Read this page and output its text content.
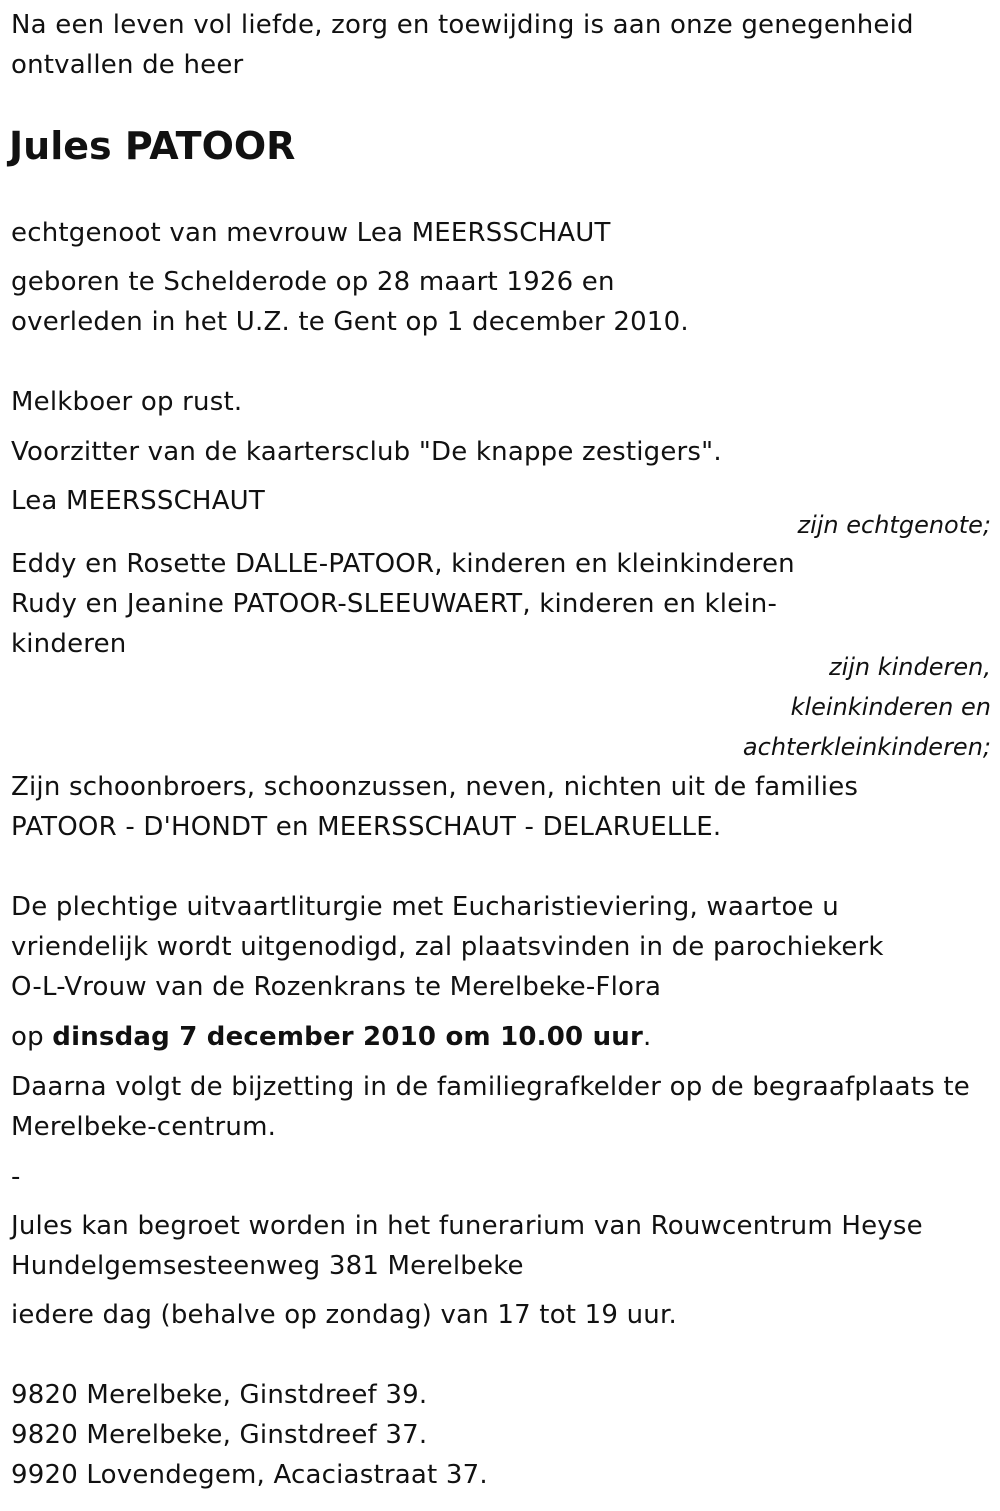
Na een leven vol liefde, zorg en toewijding is aan onze genegenheid
ontvallen de heer
Jules PATOOR
echtgenoot van mevrouw Lea MEERSSCHAUT
geboren te Schelderode op 28 maart 1926 en
overleden in het U.Z. te Gent op 1 december 2010.
Melkboer op rust.
Voorzitter van de kaartersclub "De knappe zestigers".
Lea MEERSSCHAUT
zijn echtgenote;
Eddy en Rosette DALLE-PATOOR, kinderen en kleinkinderen
Rudy en Jeanine PATOOR-SLEEUWAERT, kinderen en klein-
kinderen
zijn kinderen,
kleinkinderen en
achterkleinkinderen;
Zijn schoonbroers, schoonzussen, neven, nichten uit de families
PATOOR - D'HONDT en MEERSSCHAUT - DELARUELLE.
De plechtige uitvaartliturgie met Eucharistieviering, waartoe u
vriendelijk wordt uitgenodigd, zal plaatsvinden in de parochiekerk
O-L-Vrouw van de Rozenkrans te Merelbeke-Flora
op dinsdag 7 december 2010 om 10.00 uur.
Daarna volgt de bijzetting in de familiegrafkelder op de begraafplaats te
Merelbeke-centrum.
-
Jules kan begroet worden in het funerarium van Rouwcentrum Heyse
Hundelgemsesteenweg 381 Merelbeke
iedere dag (behalve op zondag) van 17 tot 19 uur.
9820 Merelbeke, Ginstdreef 39.
9820 Merelbeke, Ginstdreef 37.
9920 Lovendegem, Acaciastraat 37.
